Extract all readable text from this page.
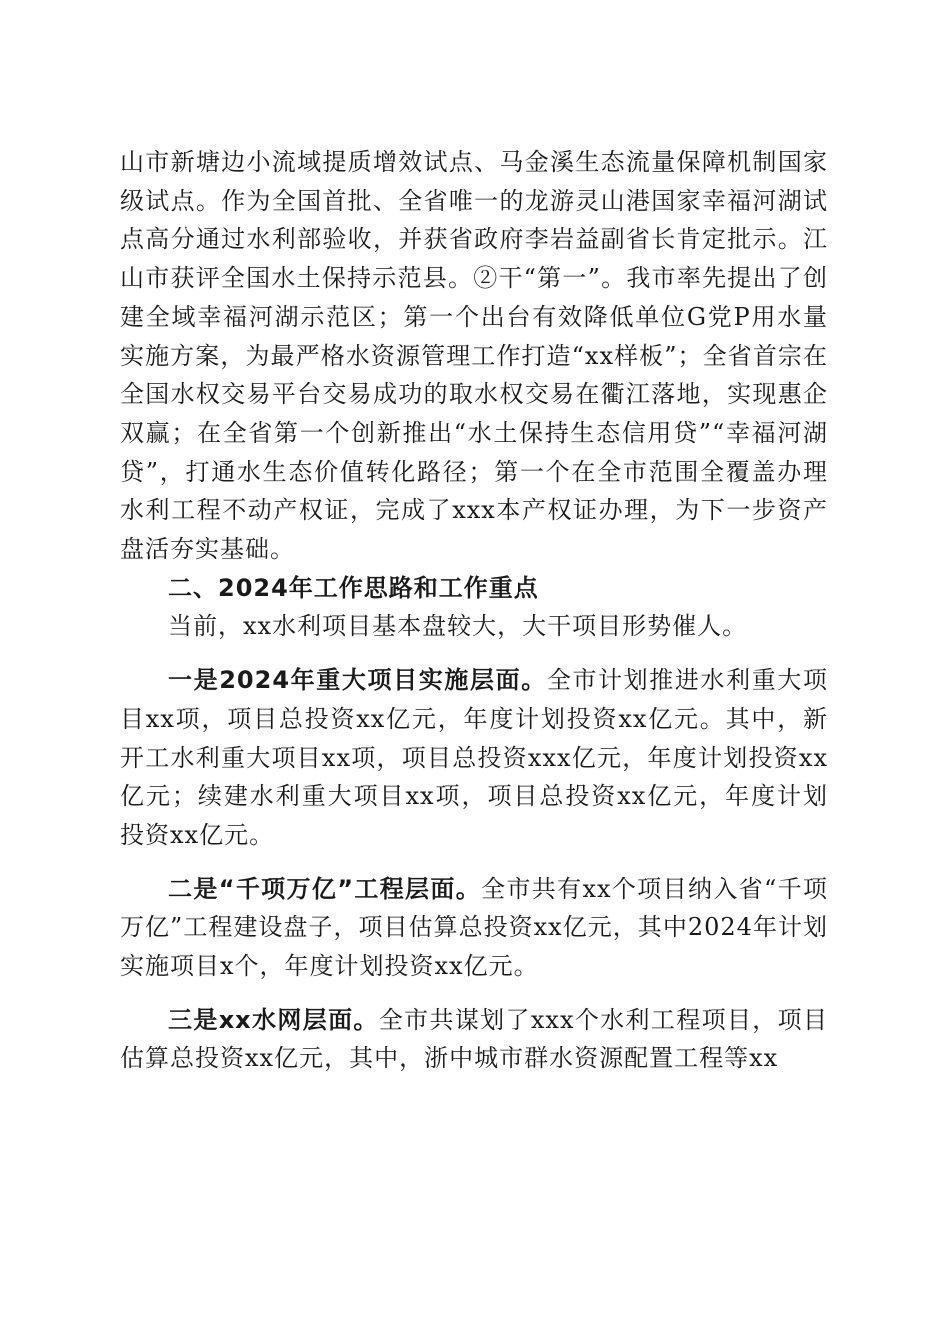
山市新塘边小流域提质增效试点、马金溪生态流量保障机制国家级试点。作为全国首批、全省唯一的龙游灵山港国家幸福河湖试点高分通过水利部验收，并获省政府李岩益副省长肯定批示。江山市获评全国水土保持示范县。②干“第一”。我市率先提出了创建全域幸福河湖示范区；第一个出台有效降低单位G党P用水量实施方案，为最严格水资源管理工作打造“xx样板”；全省首宗在全国水权交易平台交易成功的取水权交易在衢江落地，实现惠企双赢；在全省第一个创新推出“水土保持生态信用贷”“幸福河湖贷”，打通水生态价值转化路径；第一个在全市范围全覆盖办理水利工程不动产权证，完成了xxx本产权证办理，为下一步资产盘活夯实基础。

二、2024年工作思路和工作重点

当前，xx水利项目基本盘较大，大干项目形势催人。

一是2024年重大项目实施层面。全市计划推进水利重大项目xx项，项目总投资xx亿元，年度计划投资xx亿元。其中，新开工水利重大项目xx项，项目总投资xxx亿元，年度计划投资xx亿元；续建水利重大项目xx项，项目总投资xx亿元，年度计划投资xx亿元。

二是“千项万亿”工程层面。全市共有xx个项目纳入省“千项万亿”工程建设盘子，项目估算总投资xx亿元，其中2024年计划实施项目x个，年度计划投资xx亿元。

三是xx水网层面。全市共谋划了xxx个水利工程项目，项目估算总投资xx亿元，其中，浙中城市群水资源配置工程等xx
